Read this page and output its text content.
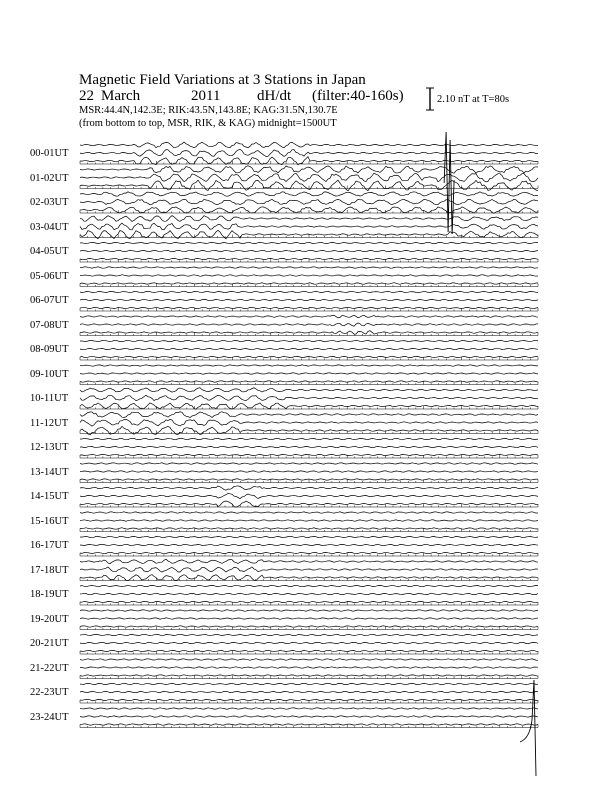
Magnetic Field Variations at 3 Stations in Japan
22 March	2011 dH/dt (filter:40-160s)
MSR:44.4N,142.3E; RIK:43.5N,143.8E; KAG:31.5N,130.7E
(from bottom to top, MSR, RIK, & KAG) midnight=1500UT
2.10 nT at T=80s
00-01UT
01-02UT
02-03UT
03-04UT
04-05UT
05-06UT
06-07UT
07-08UT
08-09UT
09-10UT
10-11UT
11-12UT
12-13UT
13-14UT
14-15UT
15-16UT
16-17UT
17-18UT
18-19UT
19-20UT
20-21UT
21-22UT
22-23UT
23-24UT
